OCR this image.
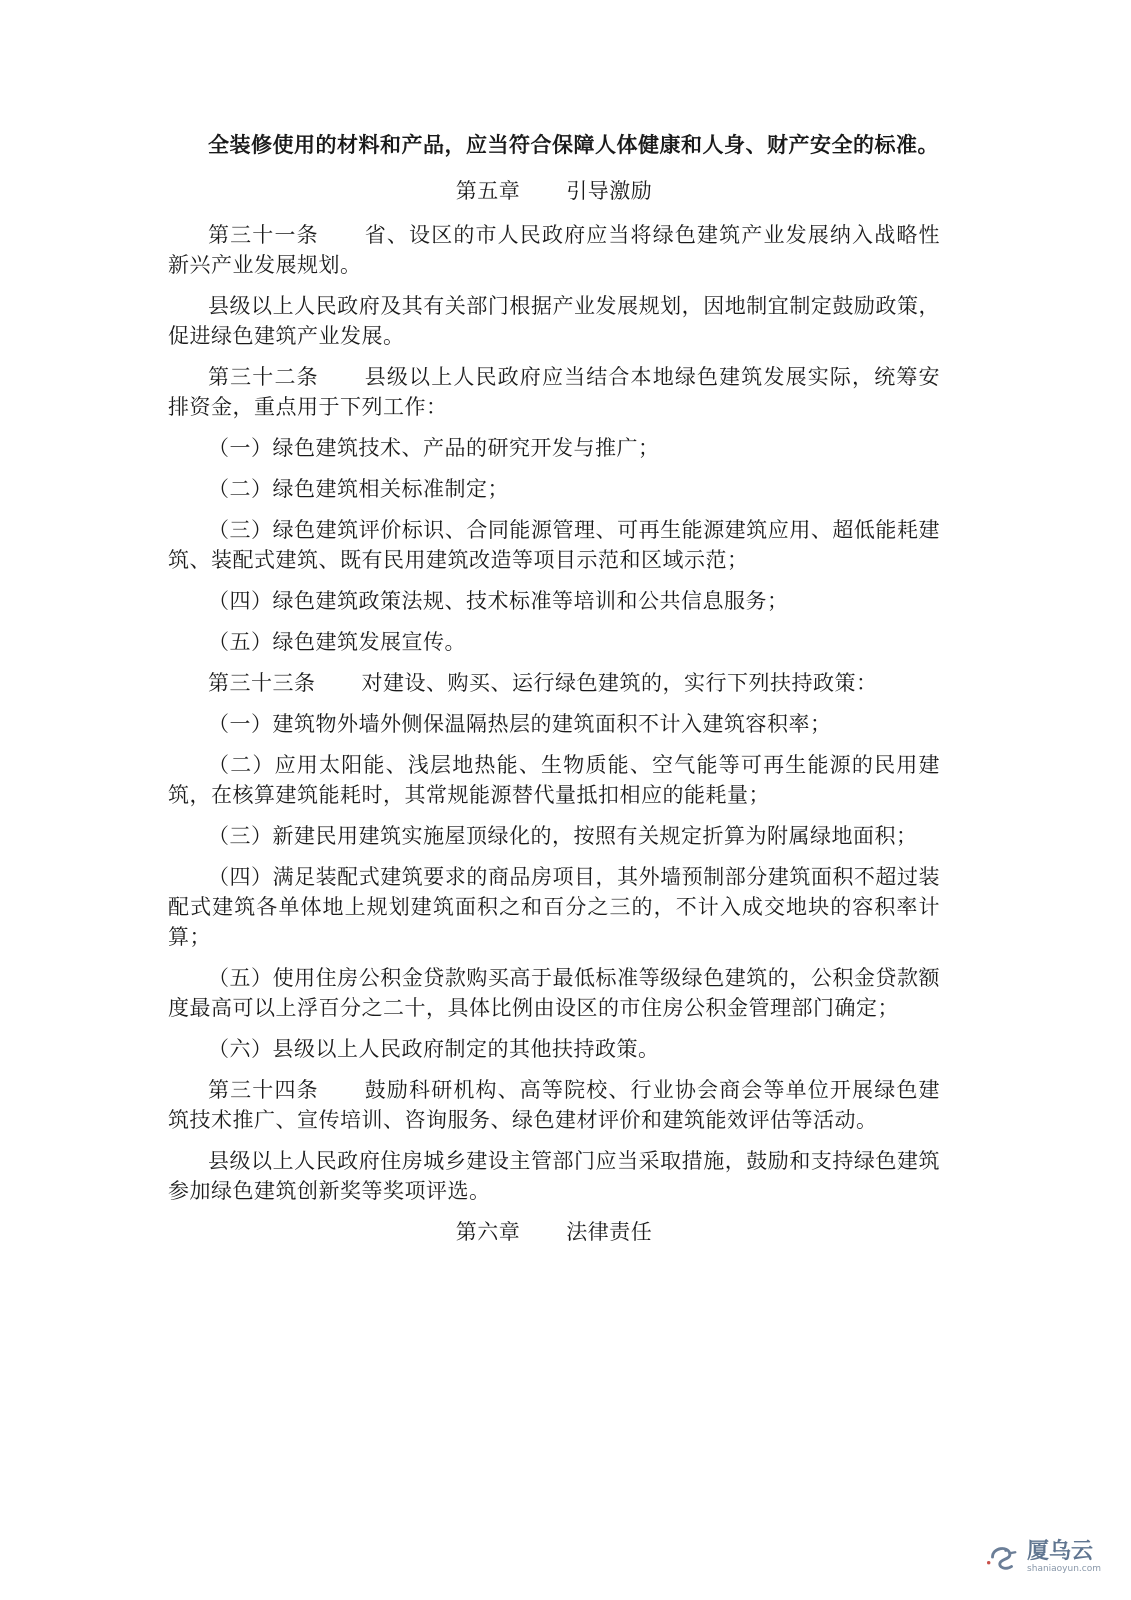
全装修使用的材料和产品，应当符合保障人体健康和人身、财产安全的标准。

第五章 引导激励

第三十一条 省、设区的市人民政府应当将绿色建筑产业发展纳入战略性新兴产业发展规划。

县级以上人民政府及其有关部门根据产业发展规划，因地制宜制定鼓励政策，促进绿色建筑产业发展。

第三十二条 县级以上人民政府应当结合本地绿色建筑发展实际，统筹安排资金，重点用于下列工作：

（一）绿色建筑技术、产品的研究开发与推广；

（二）绿色建筑相关标准制定；

（三）绿色建筑评价标识、合同能源管理、可再生能源建筑应用、超低能耗建筑、装配式建筑、既有民用建筑改造等项目示范和区域示范；

（四）绿色建筑政策法规、技术标准等培训和公共信息服务；

（五）绿色建筑发展宣传。

第三十三条 对建设、购买、运行绿色建筑的，实行下列扶持政策：

（一）建筑物外墙外侧保温隔热层的建筑面积不计入建筑容积率；

（二）应用太阳能、浅层地热能、生物质能、空气能等可再生能源的民用建筑，在核算建筑能耗时，其常规能源替代量抵扣相应的能耗量；

（三）新建民用建筑实施屋顶绿化的，按照有关规定折算为附属绿地面积；

（四）满足装配式建筑要求的商品房项目，其外墙预制部分建筑面积不超过装配式建筑各单体地上规划建筑面积之和百分之三的，不计入成交地块的容积率计算；

（五）使用住房公积金贷款购买高于最低标准等级绿色建筑的，公积金贷款额度最高可以上浮百分之二十，具体比例由设区的市住房公积金管理部门确定；

（六）县级以上人民政府制定的其他扶持政策。

第三十四条 鼓励科研机构、高等院校、行业协会商会等单位开展绿色建筑技术推广、宣传培训、咨询服务、绿色建材评价和建筑能效评估等活动。

县级以上人民政府住房城乡建设主管部门应当采取措施，鼓励和支持绿色建筑参加绿色建筑创新奖等奖项评选。

第六章 法律责任
厦乌云
shaniaoyun.com
